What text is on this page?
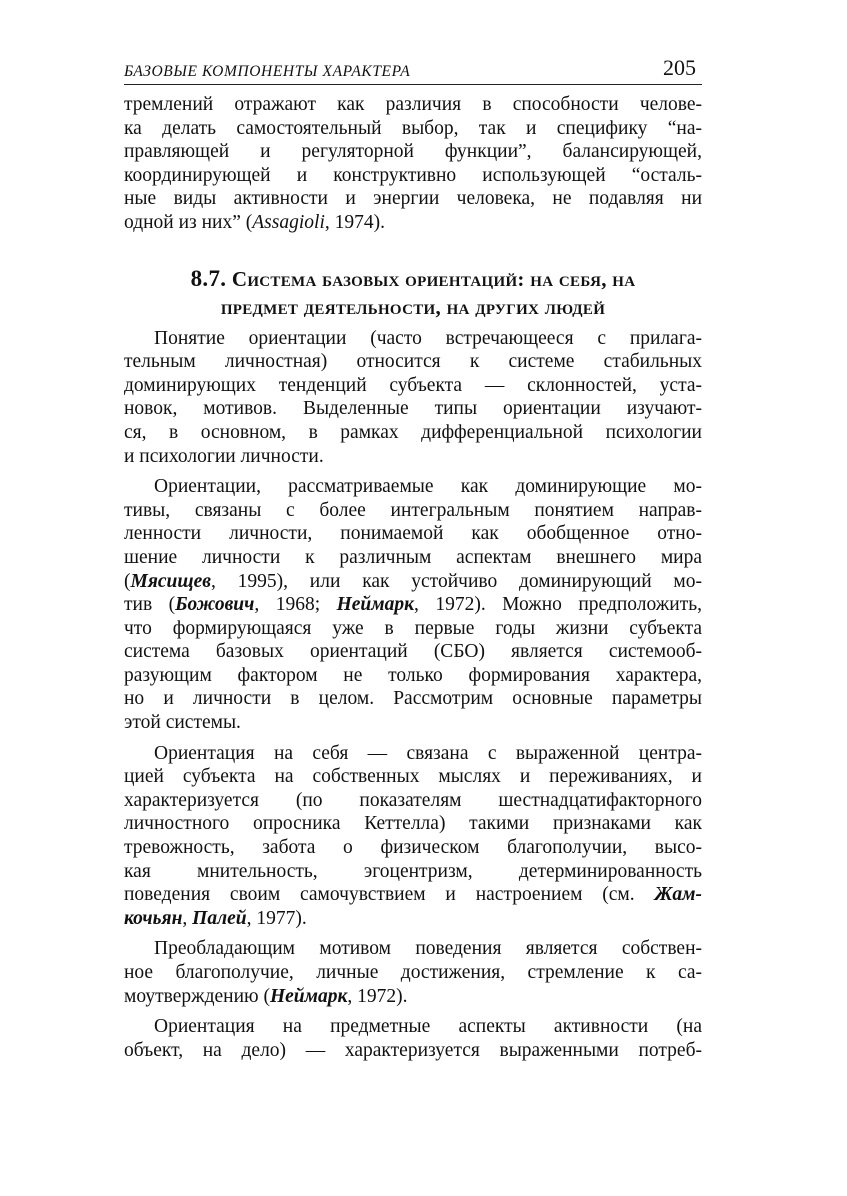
БАЗОВЫЕ КОМПОНЕНТЫ ХАРАКТЕРА	205
тремлений отражают как различия в способности челове-
ка делать самостоятельный выбор, так и специфику “на-
правляющей и регуляторной функции”, балансирующей,
координирующей и конструктивно использующей “осталь-
ные виды активности и энергии человека, не подавляя ни
одной из них” (Assagioli, 1974).
8.7. Система базовых ориентаций: на себя, на
предмет деятельности, на других людей
Понятие ориентации (часто встречающееся с прилага-
тельным личностная) относится к системе стабильных
доминирующих тенденций субъекта — склонностей, уста-
новок, мотивов. Выделенные типы ориентации изучают-
ся, в основном, в рамках дифференциальной психологии
и психологии личности.
Ориентации, рассматриваемые как доминирующие мо-
тивы, связаны с более интегральным понятием направ-
ленности личности, понимаемой как обобщенное отно-
шение личности к различным аспектам внешнего мира
(Мясищев, 1995), или как устойчиво доминирующий мо-
тив (Божович, 1968; Неймарк, 1972). Можно предположить,
что формирующаяся уже в первые годы жизни субъекта
система базовых ориентаций (СБО) является системооб-
разующим фактором не только формирования характера,
но и личности в целом. Рассмотрим основные параметры
этой системы.
Ориентация на себя — связана с выраженной центра-
цией субъекта на собственных мыслях и переживаниях, и
характеризуется (по показателям шестнадцатифакторного
личностного опросника Кеттелла) такими признаками как
тревожность, забота о физическом благополучии, высо-
кая мнительность, эгоцентризм, детерминированность
поведения своим самочувствием и настроением (см. Жам-
кочьян, Палей, 1977).
Преобладающим мотивом поведения является собствен-
ное благополучие, личные достижения, стремление к са-
моутверждению (Неймарк, 1972).
Ориентация на предметные аспекты активности (на
объект, на дело) — характеризуется выраженными потреб-
